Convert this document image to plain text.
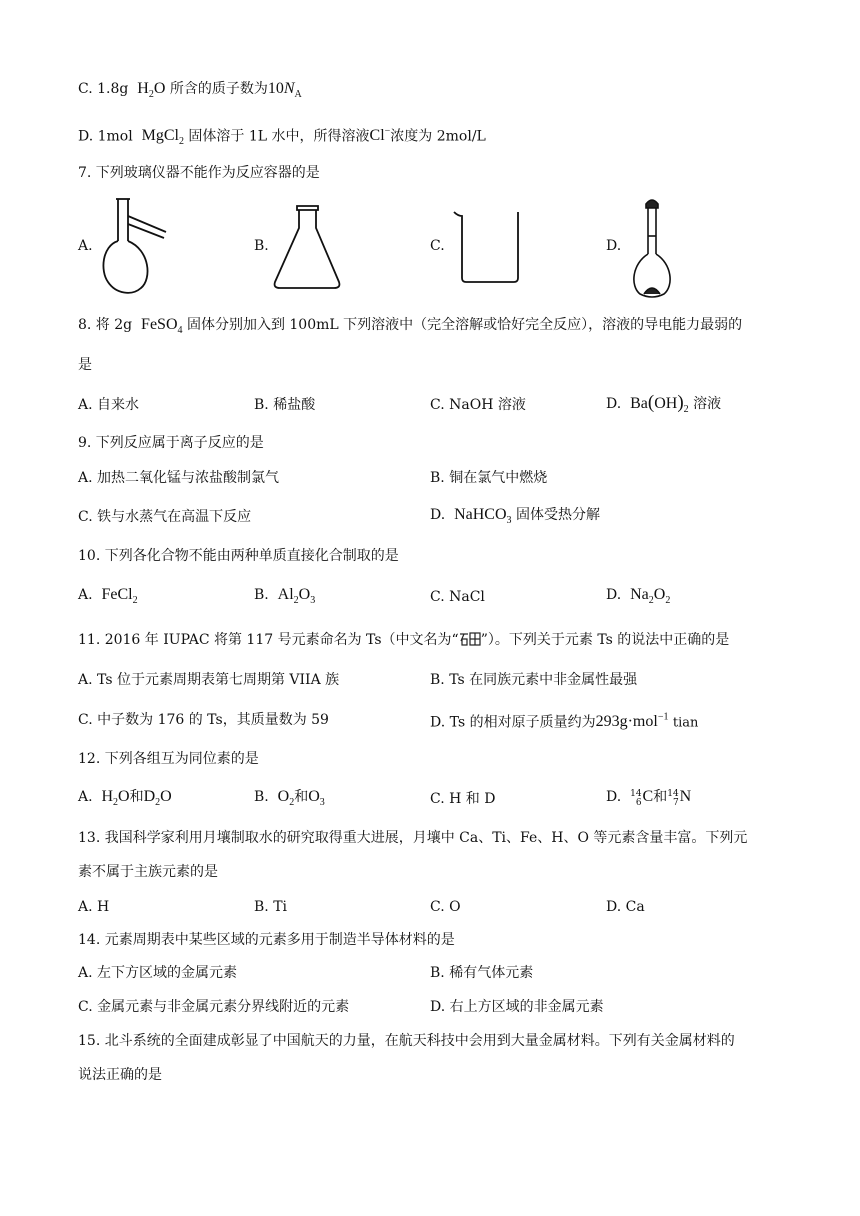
C. 1.8g $H_2O$ 所含的质子数为$10N_A$
D. 1mol MgCl$_2$ 固体溶于 1L 水中，所得溶液Cl−浓度为 2mol/L
7. 下列玻璃仪器不能作为反应容器的是
A.	B.	C.	D.
8. 将 2g FeSO$_4$ 固体分别加入到 100mL 下列溶液中（完全溶解或恰好完全反应），溶液的导电能力最弱的
是
A. 自来水	B. 稀盐酸	C. NaOH 溶液	D. $Ba(OH)_2$ 溶液
9. 下列反应属于离子反应的是
A. 加热二氧化锰与浓盐酸制氯气	B. 铜在氯气中燃烧
C. 铁与水蒸气在高温下反应	D. NaHCO$_3$ 固体受热分解
10. 下列各化合物不能由两种单质直接化合制取的是
A. FeCl$_2$	B. $Al_2O_3$	C. NaCl	D. $Na_2O_2$
11. 2016 年 IUPAC 将第 117 号元素命名为 Ts（中文名为“ ”）。下列关于元素 Ts 的说法中正确的是
A. Ts 位于元素周期表第七周期第 VIIA 族	B. Ts 在同族元素中非金属性最强
C. 中子数为 176 的 Ts，其质量数为 59	D. Ts 的相对原子质量约为293g·mol$^{-1}$ tian
12. 下列各组互为同位素的是
A. $H_2O$和$D_2O$	B. $O_2$和$O_3$	C. H 和 D	D. 14
6C和14
7N
13. 我国科学家利用月壤制取水的研究取得重大进展，月壤中 Ca、Ti、Fe、H、O 等元素含量丰富。下列元
素不属于主族元素的是
A. H	B. Ti	C. O	D. Ca
14. 元素周期表中某些区域的元素多用于制造半导体材料的是
A. 左下方区域的金属元素	B. 稀有气体元素
C. 金属元素与非金属元素分界线附近的元素	D. 右上方区域的非金属元素
15. 北斗系统的全面建成彰显了中国航天的力量，在航天科技中会用到大量金属材料。下列有关金属材料的
说法正确的是
